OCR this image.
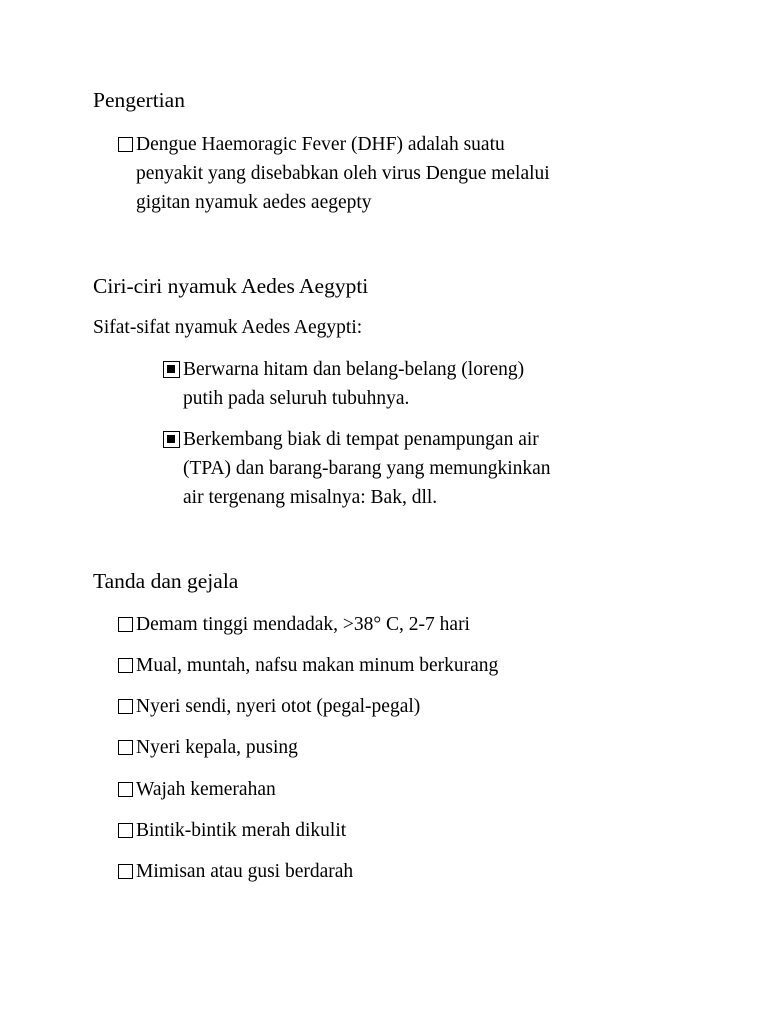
Pengertian
Dengue Haemoragic Fever (DHF) adalah suatu
penyakit yang disebabkan oleh virus Dengue melalui
gigitan nyamuk aedes aegepty
Ciri-ciri nyamuk Aedes Aegypti
Sifat-sifat nyamuk Aedes Aegypti:
Berwarna hitam dan belang-belang (loreng)
putih pada seluruh tubuhnya.
Berkembang biak di tempat penampungan air
(TPA) dan barang-barang yang memungkinkan
air tergenang misalnya: Bak, dll.
Tanda dan gejala
Demam tinggi mendadak, >38° C, 2-7 hari
Mual, muntah, nafsu makan minum berkurang
Nyeri sendi, nyeri otot (pegal-pegal)
Nyeri kepala, pusing
Wajah kemerahan
Bintik-bintik merah dikulit
Mimisan atau gusi berdarah
